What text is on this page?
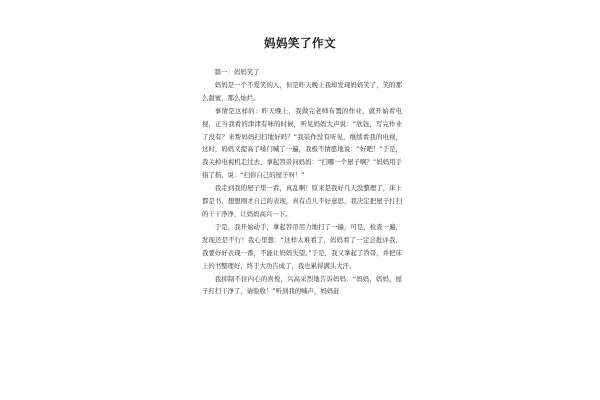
妈妈笑了作文

篇一：妈妈笑了

妈妈是一个不爱笑的人，但是昨天晚上我却发现妈妈笑了，笑的那么甜蜜，那么灿烂。

事情是这样的：昨天晚上，我做完老师布置的作业，就开始看电视，正当我看的津津有味的时候，听见妈妈大声说：“欣钰，写完作业了没有？来帮妈妈扫扫地好吗？”我装作没有听见，继续看我的电视，这时，妈妈又提高了嗓门喊了一遍，我极不情愿地说：“好吧！”于是，我关掉电视机走过去，拿起笤帚问妈妈：“扫哪一个屋子啊？”妈妈用手指了指，说：“扫你自己的屋子呀！”

我走到我的屋子里一看，真乱啊！原来是我好几天没整理了，床上都是书、想想刚才自己的表现，真有点儿不好意思，我决定把屋子打扫的干干净净，让妈妈高兴一下。

于是，我开始动手，拿起笤帚用力地扫了一遍，可是，检查一遍，发现还是不行！我心里想：“这样太难看了，妈妈看了一定会批评我，我要好好表现一番，不能让妈妈失望。”于是，我又拿起了笤帚，并把床上的书整理好，终于大功告成了，我也累得满头大汗。

我抑制不住内心的喜悦，兴高采烈地告诉妈妈：“妈妈，妈妈，屋子打扫干净了，请验收！”听到我的喊声，妈妈赶
